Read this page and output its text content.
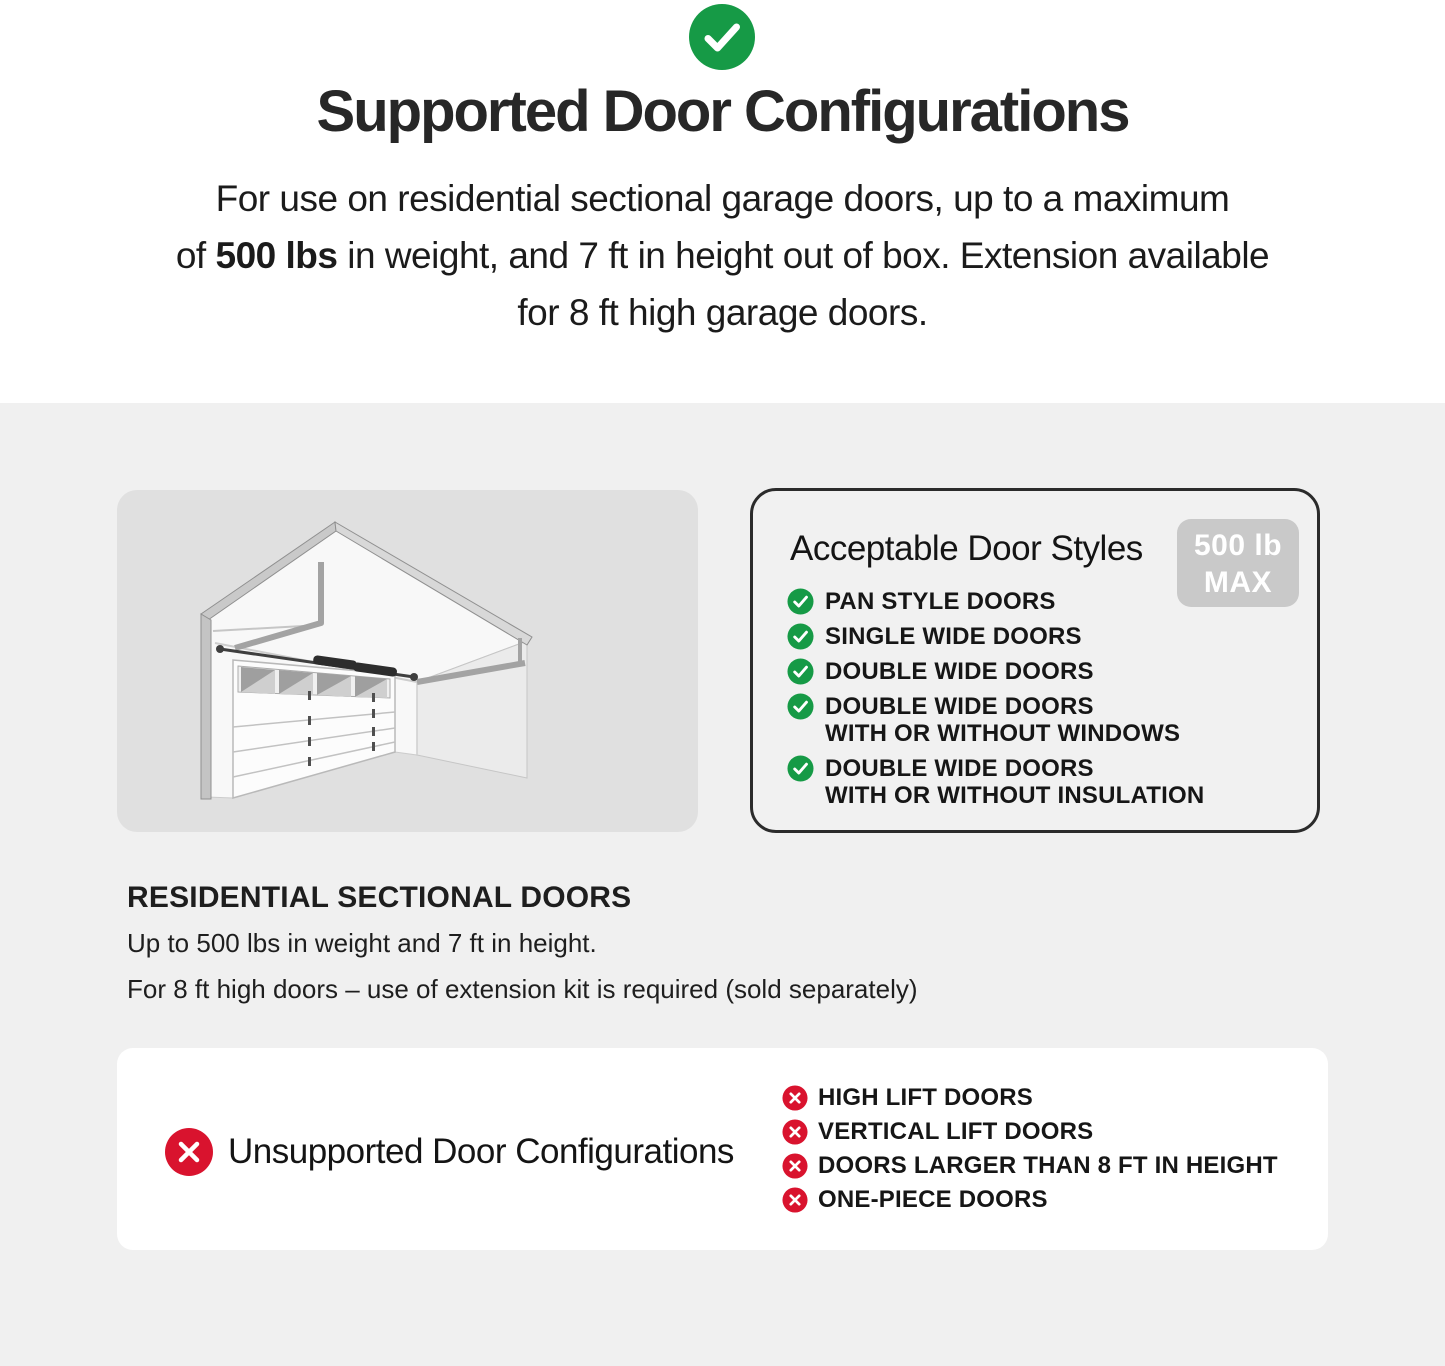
Supported Door Configurations
For use on residential sectional garage doors, up to a maximum
of 500 lbs in weight, and 7 ft in height out of box. Extension available
for 8 ft high garage doors.
Acceptable Door Styles	500 lb
MAX
PAN STYLE DOORS
SINGLE WIDE DOORS
DOUBLE WIDE DOORS
DOUBLE WIDE DOORS
WITH OR WITHOUT WINDOWS
DOUBLE WIDE DOORS
WITH OR WITHOUT INSULATION
RESIDENTIAL SECTIONAL DOORS
Up to 500 lbs in weight and 7 ft in height.
For 8 ft high doors – use of extension kit is required (sold separately)
Unsupported Door Configurations
HIGH LIFT DOORS
VERTICAL LIFT DOORS
DOORS LARGER THAN 8 FT IN HEIGHT
ONE-PIECE DOORS
